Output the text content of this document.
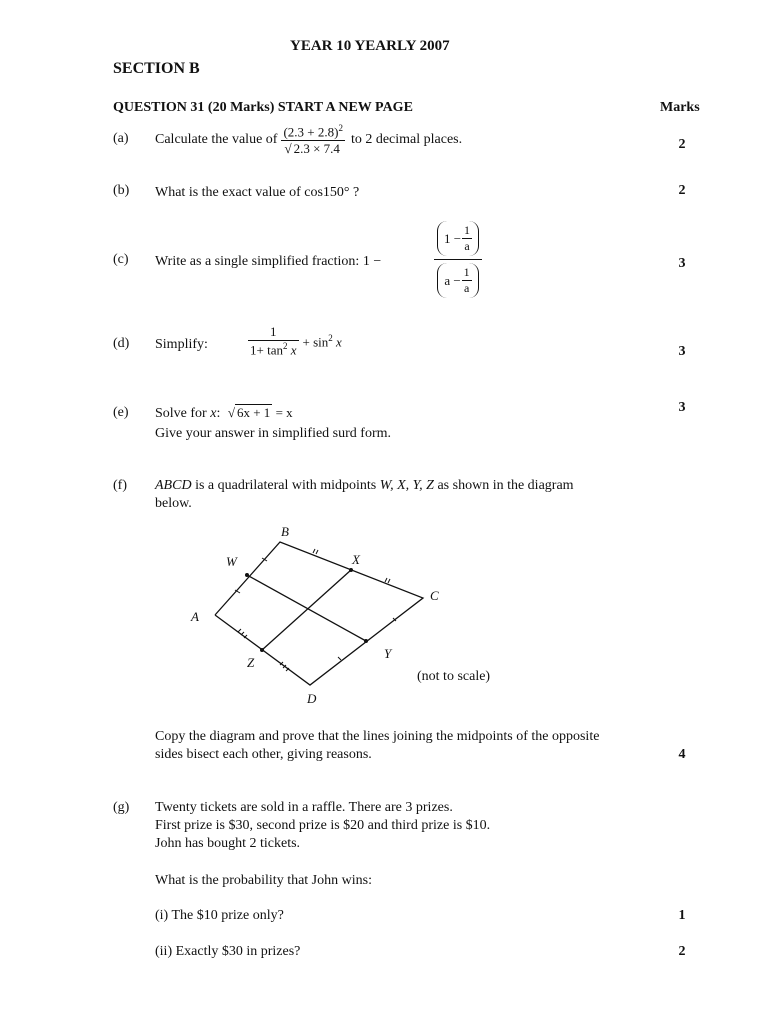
YEAR 10 YEARLY 2007
SECTION B
QUESTION 31 (20 Marks) START A NEW PAGE	Marks
(a) Calculate the value of $\frac{(2.3 + 2.8)^2}{√ 2.3 \times 7.4}$ to 2 decimal places.	2
(b) What is the exact value of cos150° ?	2
(c) Write as a single simplified fraction: 1 −
$1 - \frac{1}{a}$
$a - \frac{1}{a}$
3
(d) Simplify:	$\frac{1}{1+ \tan^2 x} + \sin^2 x$
3
(e) Solve for x: √ 6x + 1 = x
Give your answer in simplified surd form.
3
(f) ABCD is a quadrilateral with midpoints W, X, Y, Z as shown in the diagram
below.
B
W	X
C
A
Y
Z
D
(not to scale)
Copy the diagram and prove that the lines joining the midpoints of the opposite
sides bisect each other, giving reasons.	4
(g) Twenty tickets are sold in a raffle. There are 3 prizes.
First prize is $30, second prize is $20 and third prize is $10.
John has bought 2 tickets.
What is the probability that John wins:
(i) The $10 prize only?	1
(ii) Exactly $30 in prizes?	2
